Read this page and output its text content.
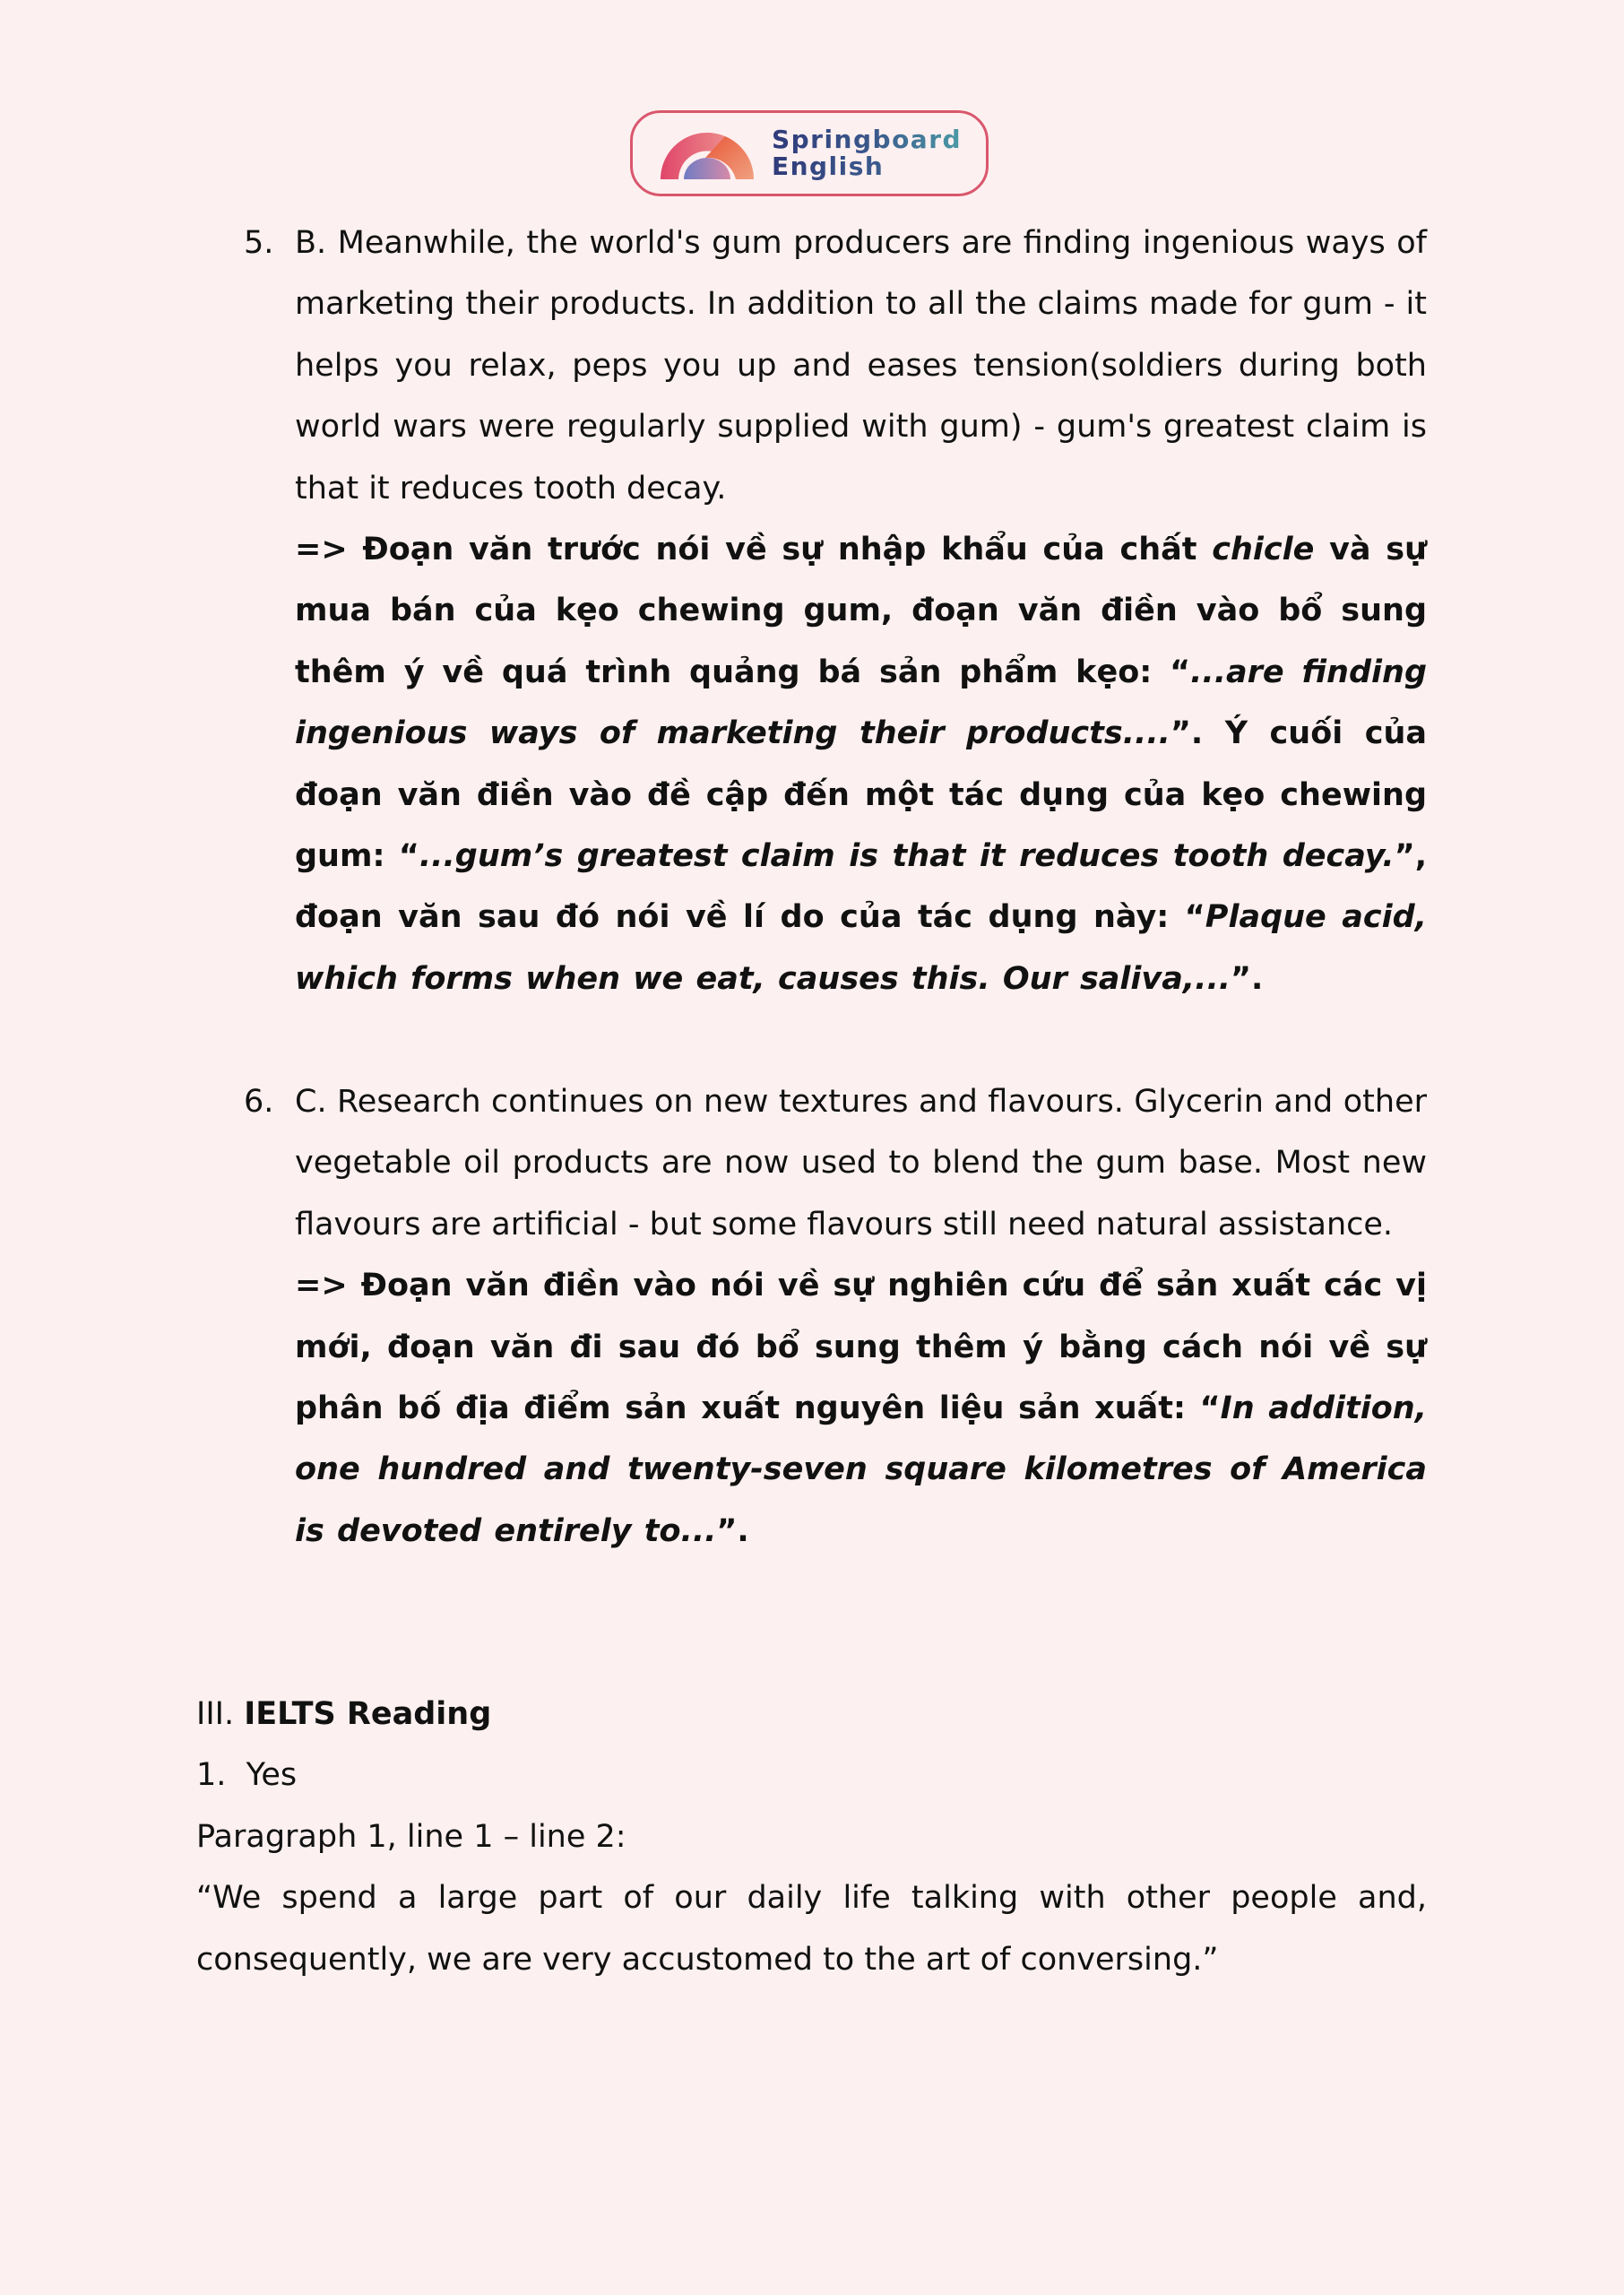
Springboard
English
5. B. Meanwhile, the world's gum producers are finding ingenious ways of marketing their products. In addition to all the claims made for gum - it helps you relax, peps you up and eases tension(soldiers during both world wars were regularly supplied with gum) - gum's greatest claim is that it reduces tooth decay.

=> Đoạn văn trước nói về sự nhập khẩu của chất chicle và sự mua bán của kẹo chewing gum, đoạn văn điền vào bổ sung thêm ý về quá trình quảng bá sản phẩm kẹo: “...are finding ingenious ways of marketing their products....”. Ý cuối của đoạn văn điền vào đề cập đến một tác dụng của kẹo chewing gum: “...gum’s greatest claim is that it reduces tooth decay.”, đoạn văn sau đó nói về lí do của tác dụng này: “Plaque acid, which forms when we eat, causes this. Our saliva,...”.

6. C. Research continues on new textures and flavours. Glycerin and other vegetable oil products are now used to blend the gum base. Most new flavours are artificial - but some flavours still need natural assistance.

=> Đoạn văn điền vào nói về sự nghiên cứu để sản xuất các vị mới, đoạn văn đi sau đó bổ sung thêm ý bằng cách nói về sự phân bố địa điểm sản xuất nguyên liệu sản xuất: “In addition, one hundred and twenty-seven square kilometres of America is devoted entirely to...”.

III. IELTS Reading

1. Yes

Paragraph 1, line 1 – line 2:

“We spend a large part of our daily life talking with other people and, consequently, we are very accustomed to the art of conversing.”
